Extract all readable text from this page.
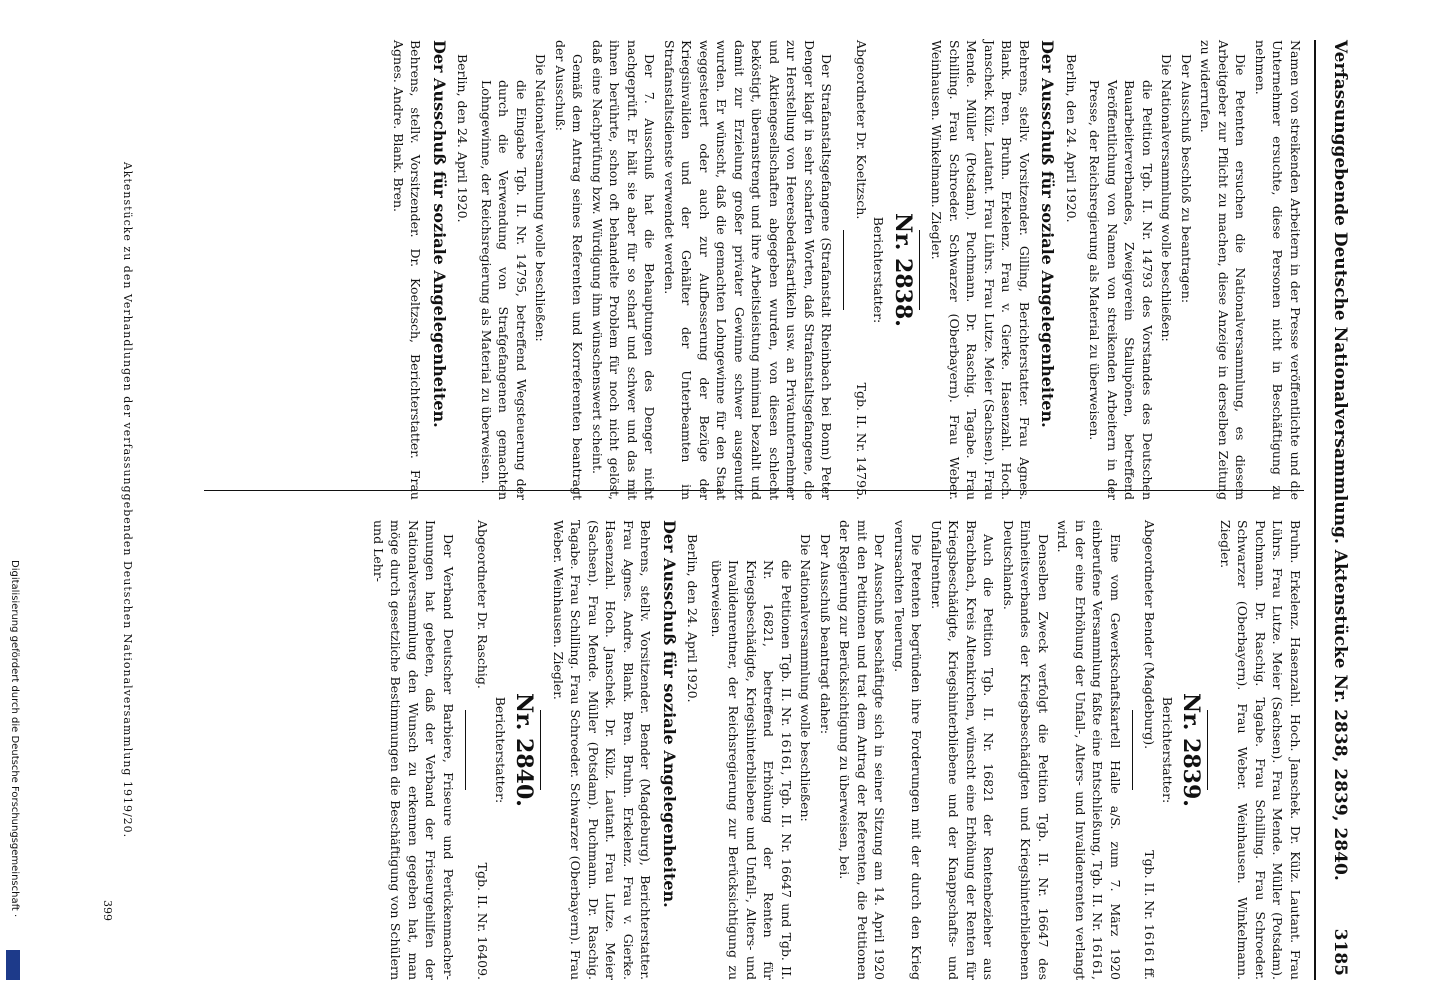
Verfassunggebende Deutsche Nationalversammlung. Aktenstücke Nr. 2838, 2839, 2840.
3185

Namen von streikenden Arbeitern in der Presse veröffentlichte und die Unternehmer ersuchte, diese Personen nicht in Beschäftigung zu nehmen.

Die Petenten ersuchen die Nationalversammlung, es diesem Arbeitgeber zur Pflicht zu machen, diese Anzeige in derselben Zeitung zu widerrufen.

Der Ausschuß beschloß zu beantragen:

Die Nationalversammlung wolle beschließen:

die Petition Tgb. II. Nr. 14793 des Vorstandes des Deutschen Bauarbeiterverbandes, Zweigverein Stallupönen, betreffend Veröffentlichung von Namen von streikenden Arbeitern in der Presse, der Reichsregierung als Material zu überweisen.

Berlin, den 24. April 1920.
Der Ausschuß für soziale Angelegenheiten.

Behrens, stellv. Vorsitzender. Gilling, Berichterstatter. Frau Agnes. Blank. Bren. Bruhn. Erkelenz. Frau v. Gierke. Hasenzahl. Hoch. Janschek. Külz. Lautant. Frau Lührs. Frau Lutze. Meier (Sachsen). Frau Mende. Müller (Potsdam). Puchmann. Dr. Raschig. Tagabe. Frau Schilling. Frau Schroeder. Schwarzer (Oberbayern). Frau Weber. Weinhausen. Winkelmann. Ziegler.

Nr. 2838.
Berichterstatter:
Abgeordneter Dr. Koeltzsch.
Tgb. II. Nr. 14795.

Der Strafanstaltsgefangene (Strafanstalt Rheinbach bei Bonn) Peter Denger klagt in sehr scharfen Worten, daß Strafanstaltsgefangene, die zur Herstellung von Heeresbedarfsartikeln usw. an Privatunternehmer und Aktiengesellschaften abgegeben wurden, von diesen schlecht beköstigt, überanstrengt und ihre Arbeitsleistung minimal bezahlt und damit zur Erzielung großer privater Gewinne schwer ausgenutzt wurden. Er wünscht, daß die gemachten Lohngewinne für den Staat weggesteuert oder auch zur Aufbesserung der Bezüge der Kriegsinvaliden und der Gehälter der Unterbeamten im Strafanstaltsdienste verwendet werden.

Der 7. Ausschuß hat die Behauptungen des Denger nicht nachgeprüft. Er hält sie aber für so scharf und schwer und das mit ihnen berührte, schon oft behandelte Problem für noch nicht gelöst, daß eine Nachprüfung bzw. Würdigung ihm wünschenswert scheint.

Gemäß dem Antrag seines Referenten und Korreferenten beantragt der Ausschuß:

Die Nationalversammlung wolle beschließen:

die Eingabe Tgb. II. Nr. 14795, betreffend Wegsteuerung der durch die Verwendung von Strafgefangenen gemachten Lohngewinne, der Reichsregierung als Material zu überweisen.

Berlin, den 24. April 1920.
Der Ausschuß für soziale Angelegenheiten.

Behrens, stellv. Vorsitzender. Dr. Koeltzsch, Berichterstatter. Frau Agnes. Andre. Blank. Bren.

Bruhn. Erkelenz. Hasenzahl. Hoch. Janschek. Dr. Külz. Lautant. Frau Lührs. Frau Lutze. Meier (Sachsen). Frau Mende. Müller (Potsdam). Puchmann. Dr. Raschig. Tagabe. Frau Schilling. Frau Schroeder. Schwarzer (Oberbayern). Frau Weber. Weinhausen. Winkelmann. Ziegler.

Nr. 2839.
Berichterstatter:
Abgeordneter Bender (Magdeburg).
Tgb. II. Nr. 16161 ff.

Eine vom Gewerkschaftskartell Halle a/S. zum 7. März 1920 einberufene Versammlung faßte eine Entschließung, Tgb. II. Nr. 16161, in der eine Erhöhung der Unfall-, Alters- und Invalidenrenten verlangt wird.

Denselben Zweck verfolgt die Petition Tgb. II. Nr. 16647 des Einheitsverbandes der Kriegsbeschädigten und Kriegshinterbliebenen Deutschlands.

Auch die Petition Tgb. II. Nr. 16821 der Rentenbezieher aus Brachbach, Kreis Altenkirchen, wünscht eine Erhöhung der Renten für Kriegsbeschädigte, Kriegshinterbliebene und der Knappschafts- und Unfallrentner.

Die Petenten begründen ihre Forderungen mit der durch den Krieg verursachten Teuerung.

Der Ausschuß beschäftigte sich in seiner Sitzung am 14. April 1920 mit den Petitionen und trat dem Antrag der Referenten, die Petitionen der Regierung zur Berücksichtigung zu überweisen, bei.

Der Ausschuß beantragt daher:

Die Nationalversammlung wolle beschließen:

die Petitionen Tgb. II. Nr. 16161, Tgb. II. Nr. 16647 und Tgb. II. Nr. 16821, betreffend Erhöhung der Renten für Kriegsbeschädigte, Kriegshinterbliebene und Unfall-, Alters- und Invalidenrentner, der Reichsregierung zur Berücksichtigung zu überweisen.

Berlin, den 24. April 1920.
Der Ausschuß für soziale Angelegenheiten.

Behrens, stellv. Vorsitzender. Bender (Magdeburg), Berichterstatter. Frau Agnes. Andre. Blank. Bren. Bruhn. Erkelenz. Frau v. Gierke. Hasenzahl. Hoch. Janschek. Dr. Külz. Lautant. Frau Lutze. Meier (Sachsen). Frau Mende. Müller (Potsdam). Puchmann. Dr. Raschig. Tagabe. Frau Schilling. Frau Schroeder. Schwarzer (Oberbayern). Frau Weber. Weinhausen. Ziegler.

Nr. 2840.
Berichterstatter:
Abgeordneter Dr. Raschig.
Tgb. II. Nr. 16409.

Der Verband Deutscher Barbiere, Friseure und Perückenmacher-Innungen hat gebeten, daß der Verband der Friseurgehilfen der Nationalversammlung den Wunsch zu erkennen gegeben hat, man möge durch gesetzliche Bestimmungen die Beschäftigung von Schülern und Lehr-

Aktenstücke zu den Verhandlungen der verfassunggebenden Deutschen Nationalversammlung 1919/20.
399
Digitalisierung gefördert durch die Deutsche Forschungsgemeinschaft ·
